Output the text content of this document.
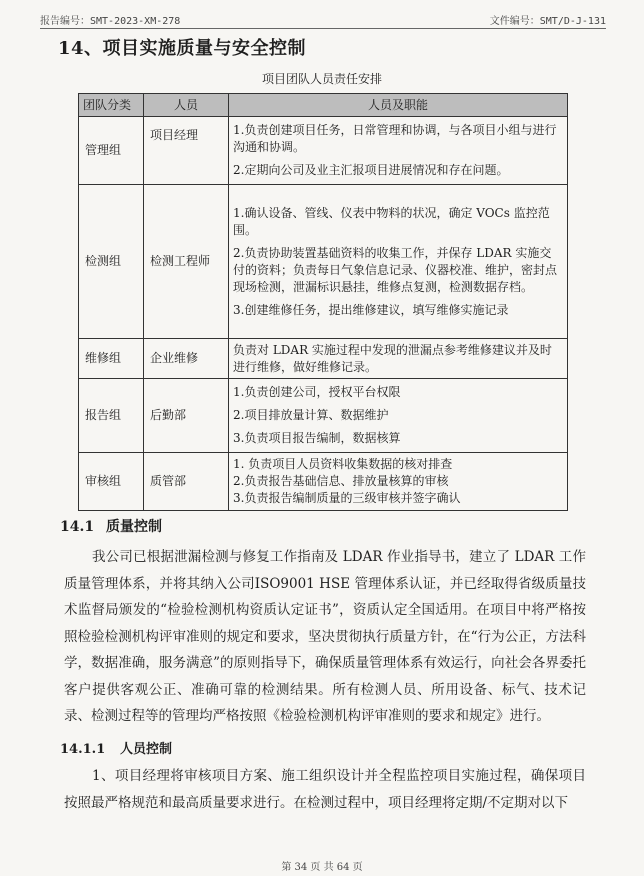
报告编号：SMT-2023-XM-278	文件编号：SMT/D-J-131
14、项目实施质量与安全控制
项目团队人员责任安排
团队分类	人员	人员及职能
管理组	项目经理	1.负责创建项目任务，日常管理和协调，与各项目小组与进行沟通和协调。

2.定期向公司及业主汇报项目进展情况和存在问题。

检测组	检测工程师	1.确认设备、管线、仪表中物料的状况，确定 VOCs 监控范围。

2.负责协助装置基础资料的收集工作，并保存 LDAR 实施交付的资料；负责每日气象信息记录、仪器校准、维护，密封点现场检测，泄漏标识悬挂，维修点复测，检测数据存档。

3.创建维修任务，提出维修建议，填写维修实施记录

维修组	企业维修	负责对 LDAR 实施过程中发现的泄漏点参考维修建议并及时进行维修，做好维修记录。

报告组	后勤部	1.负责创建公司，授权平台权限

2.项目排放量计算、数据维护

3.负责项目报告编制，数据核算

审核组	质管部	1. 负责项目人员资料收集数据的核对排查

2.负责报告基础信息、排放量核算的审核

3.负责报告编制质量的三级审核并签字确认

14.1 质量控制

我公司已根据泄漏检测与修复工作指南及 LDAR 作业指导书，建立了 LDAR 工作质量管理体系，并将其纳入公司ISO9001 HSE 管理体系认证，并已经取得省级质量技术监督局颁发的“检验检测机构资质认定证书”，资质认定全国适用。在项目中将严格按照检验检测机构评审准则的规定和要求，坚决贯彻执行质量方针，在“行为公正，方法科学，数据准确，服务满意”的原则指导下，确保质量管理体系有效运行，向社会各界委托客户提供客观公正、准确可靠的检测结果。所有检测人员、所用设备、标气、技术记录、检测过程等的管理均严格按照《检验检测机构评审准则的要求和规定》进行。

14.1.1 人员控制

1、项目经理将审核项目方案、施工组织设计并全程监控项目实施过程，确保项目按照最严格规范和最高质量要求进行。在检测过程中，项目经理将定期/不定期对以下

第 34 页 共 64 页
